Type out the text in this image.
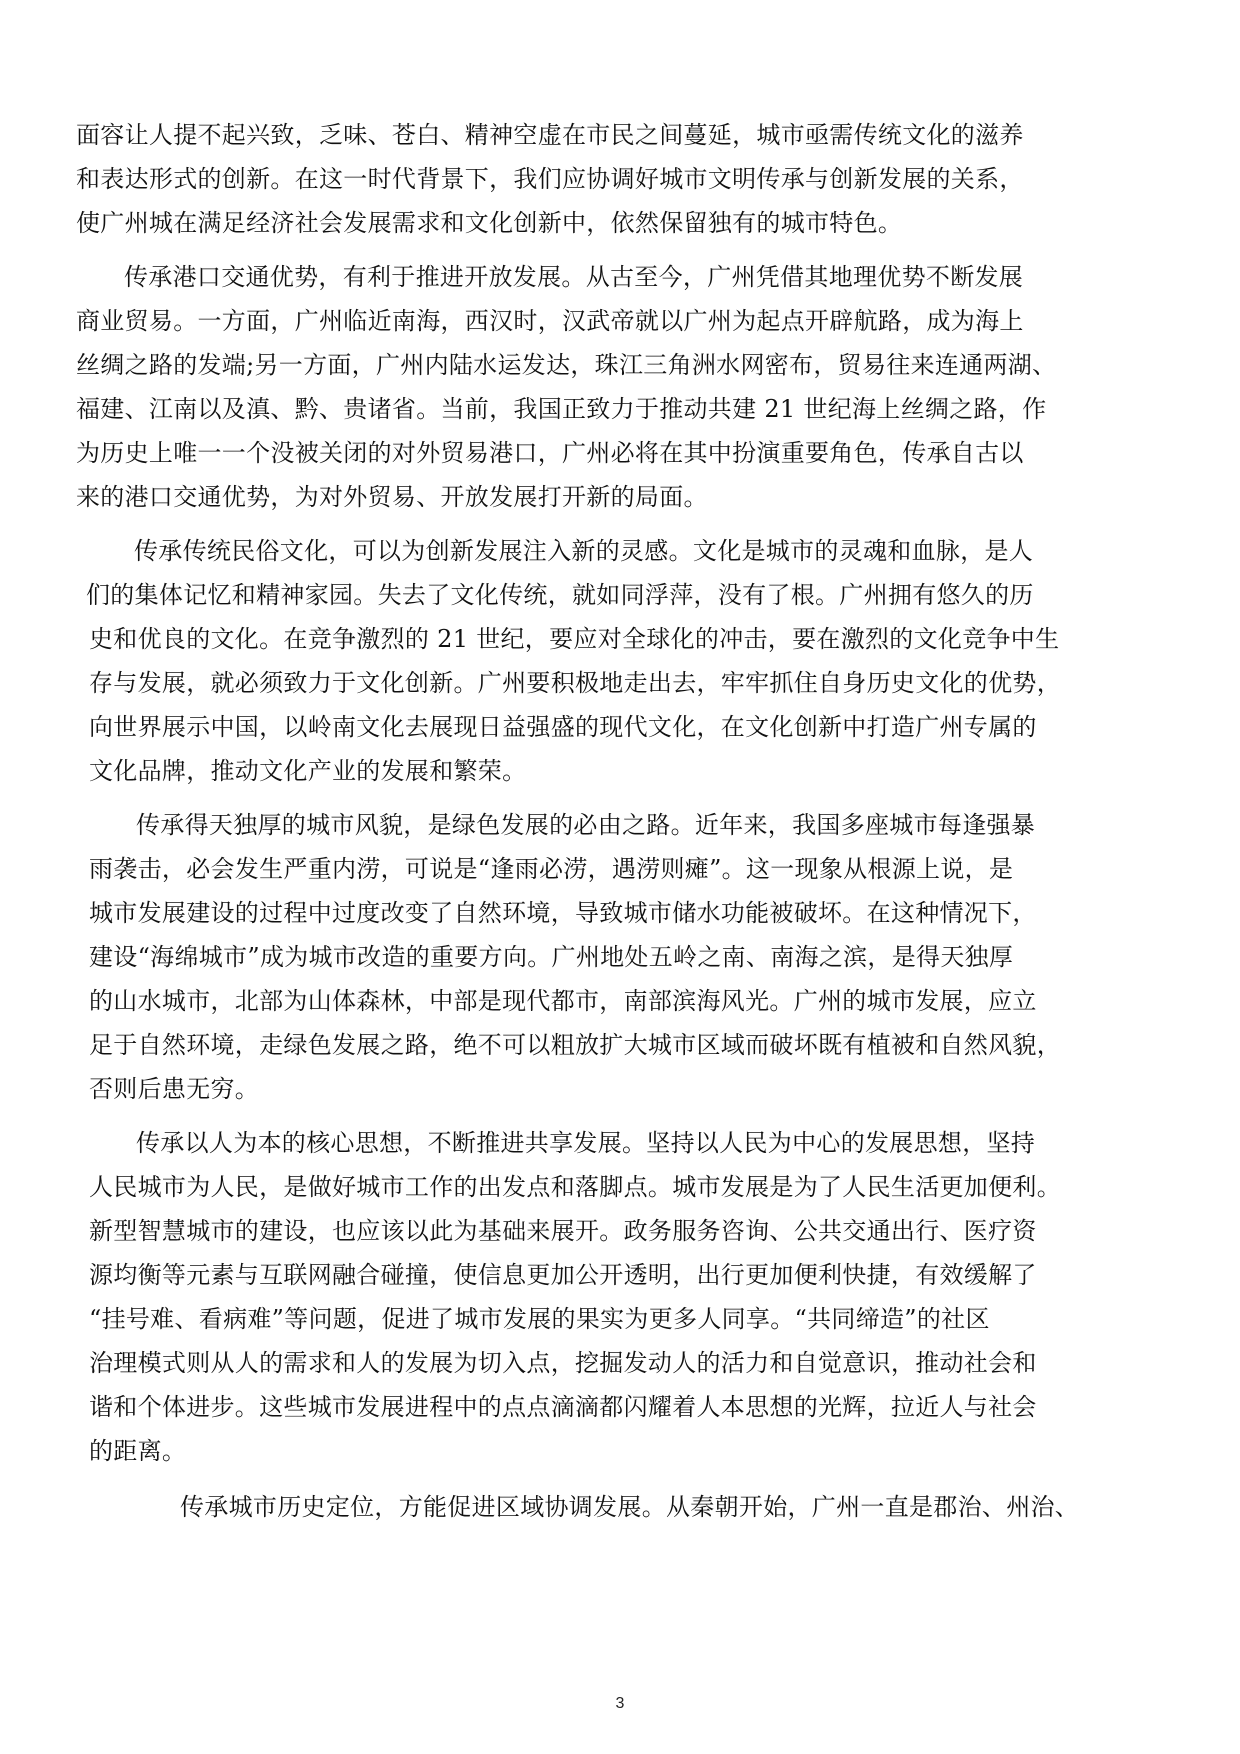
面容让人提不起兴致，乏味、苍白、精神空虚在市民之间蔓延，城市亟需传统文化的滋养
和表达形式的创新。在这一时代背景下，我们应协调好城市文明传承与创新发展的关系，
使广州城在满足经济社会发展需求和文化创新中，依然保留独有的城市特色。
传承港口交通优势，有利于推进开放发展。从古至今，广州凭借其地理优势不断发展
商业贸易。一方面，广州临近南海，西汉时，汉武帝就以广州为起点开辟航路，成为海上
丝绸之路的发端;另一方面，广州内陆水运发达，珠江三角洲水网密布，贸易往来连通两湖、
福建、江南以及滇、黔、贵诸省。当前，我国正致力于推动共建 21 世纪海上丝绸之路，作
为历史上唯一一个没被关闭的对外贸易港口，广州必将在其中扮演重要角色，传承自古以
来的港口交通优势，为对外贸易、开放发展打开新的局面。
传承传统民俗文化，可以为创新发展注入新的灵感。文化是城市的灵魂和血脉，是人
们的集体记忆和精神家园。失去了文化传统，就如同浮萍，没有了根。广州拥有悠久的历
史和优良的文化。在竞争激烈的 21 世纪，要应对全球化的冲击，要在激烈的文化竞争中生
存与发展，就必须致力于文化创新。广州要积极地走出去，牢牢抓住自身历史文化的优势，
向世界展示中国，以岭南文化去展现日益强盛的现代文化，在文化创新中打造广州专属的
文化品牌，推动文化产业的发展和繁荣。
传承得天独厚的城市风貌，是绿色发展的必由之路。近年来，我国多座城市每逢强暴
雨袭击，必会发生严重内涝，可说是“逢雨必涝，遇涝则瘫”。这一现象从根源上说，是
城市发展建设的过程中过度改变了自然环境，导致城市储水功能被破坏。在这种情况下，
建设“海绵城市”成为城市改造的重要方向。广州地处五岭之南、南海之滨，是得天独厚
的山水城市，北部为山体森林，中部是现代都市，南部滨海风光。广州的城市发展，应立
足于自然环境，走绿色发展之路，绝不可以粗放扩大城市区域而破坏既有植被和自然风貌，
否则后患无穷。
传承以人为本的核心思想，不断推进共享发展。坚持以人民为中心的发展思想，坚持
人民城市为人民，是做好城市工作的出发点和落脚点。城市发展是为了人民生活更加便利。
新型智慧城市的建设，也应该以此为基础来展开。政务服务咨询、公共交通出行、医疗资
源均衡等元素与互联网融合碰撞，使信息更加公开透明，出行更加便利快捷，有效缓解了
“挂号难、看病难”等问题，促进了城市发展的果实为更多人同享。“共同缔造”的社区
治理模式则从人的需求和人的发展为切入点，挖掘发动人的活力和自觉意识，推动社会和
谐和个体进步。这些城市发展进程中的点点滴滴都闪耀着人本思想的光辉，拉近人与社会
的距离。
传承城市历史定位，方能促进区域协调发展。从秦朝开始，广州一直是郡治、州治、
3
